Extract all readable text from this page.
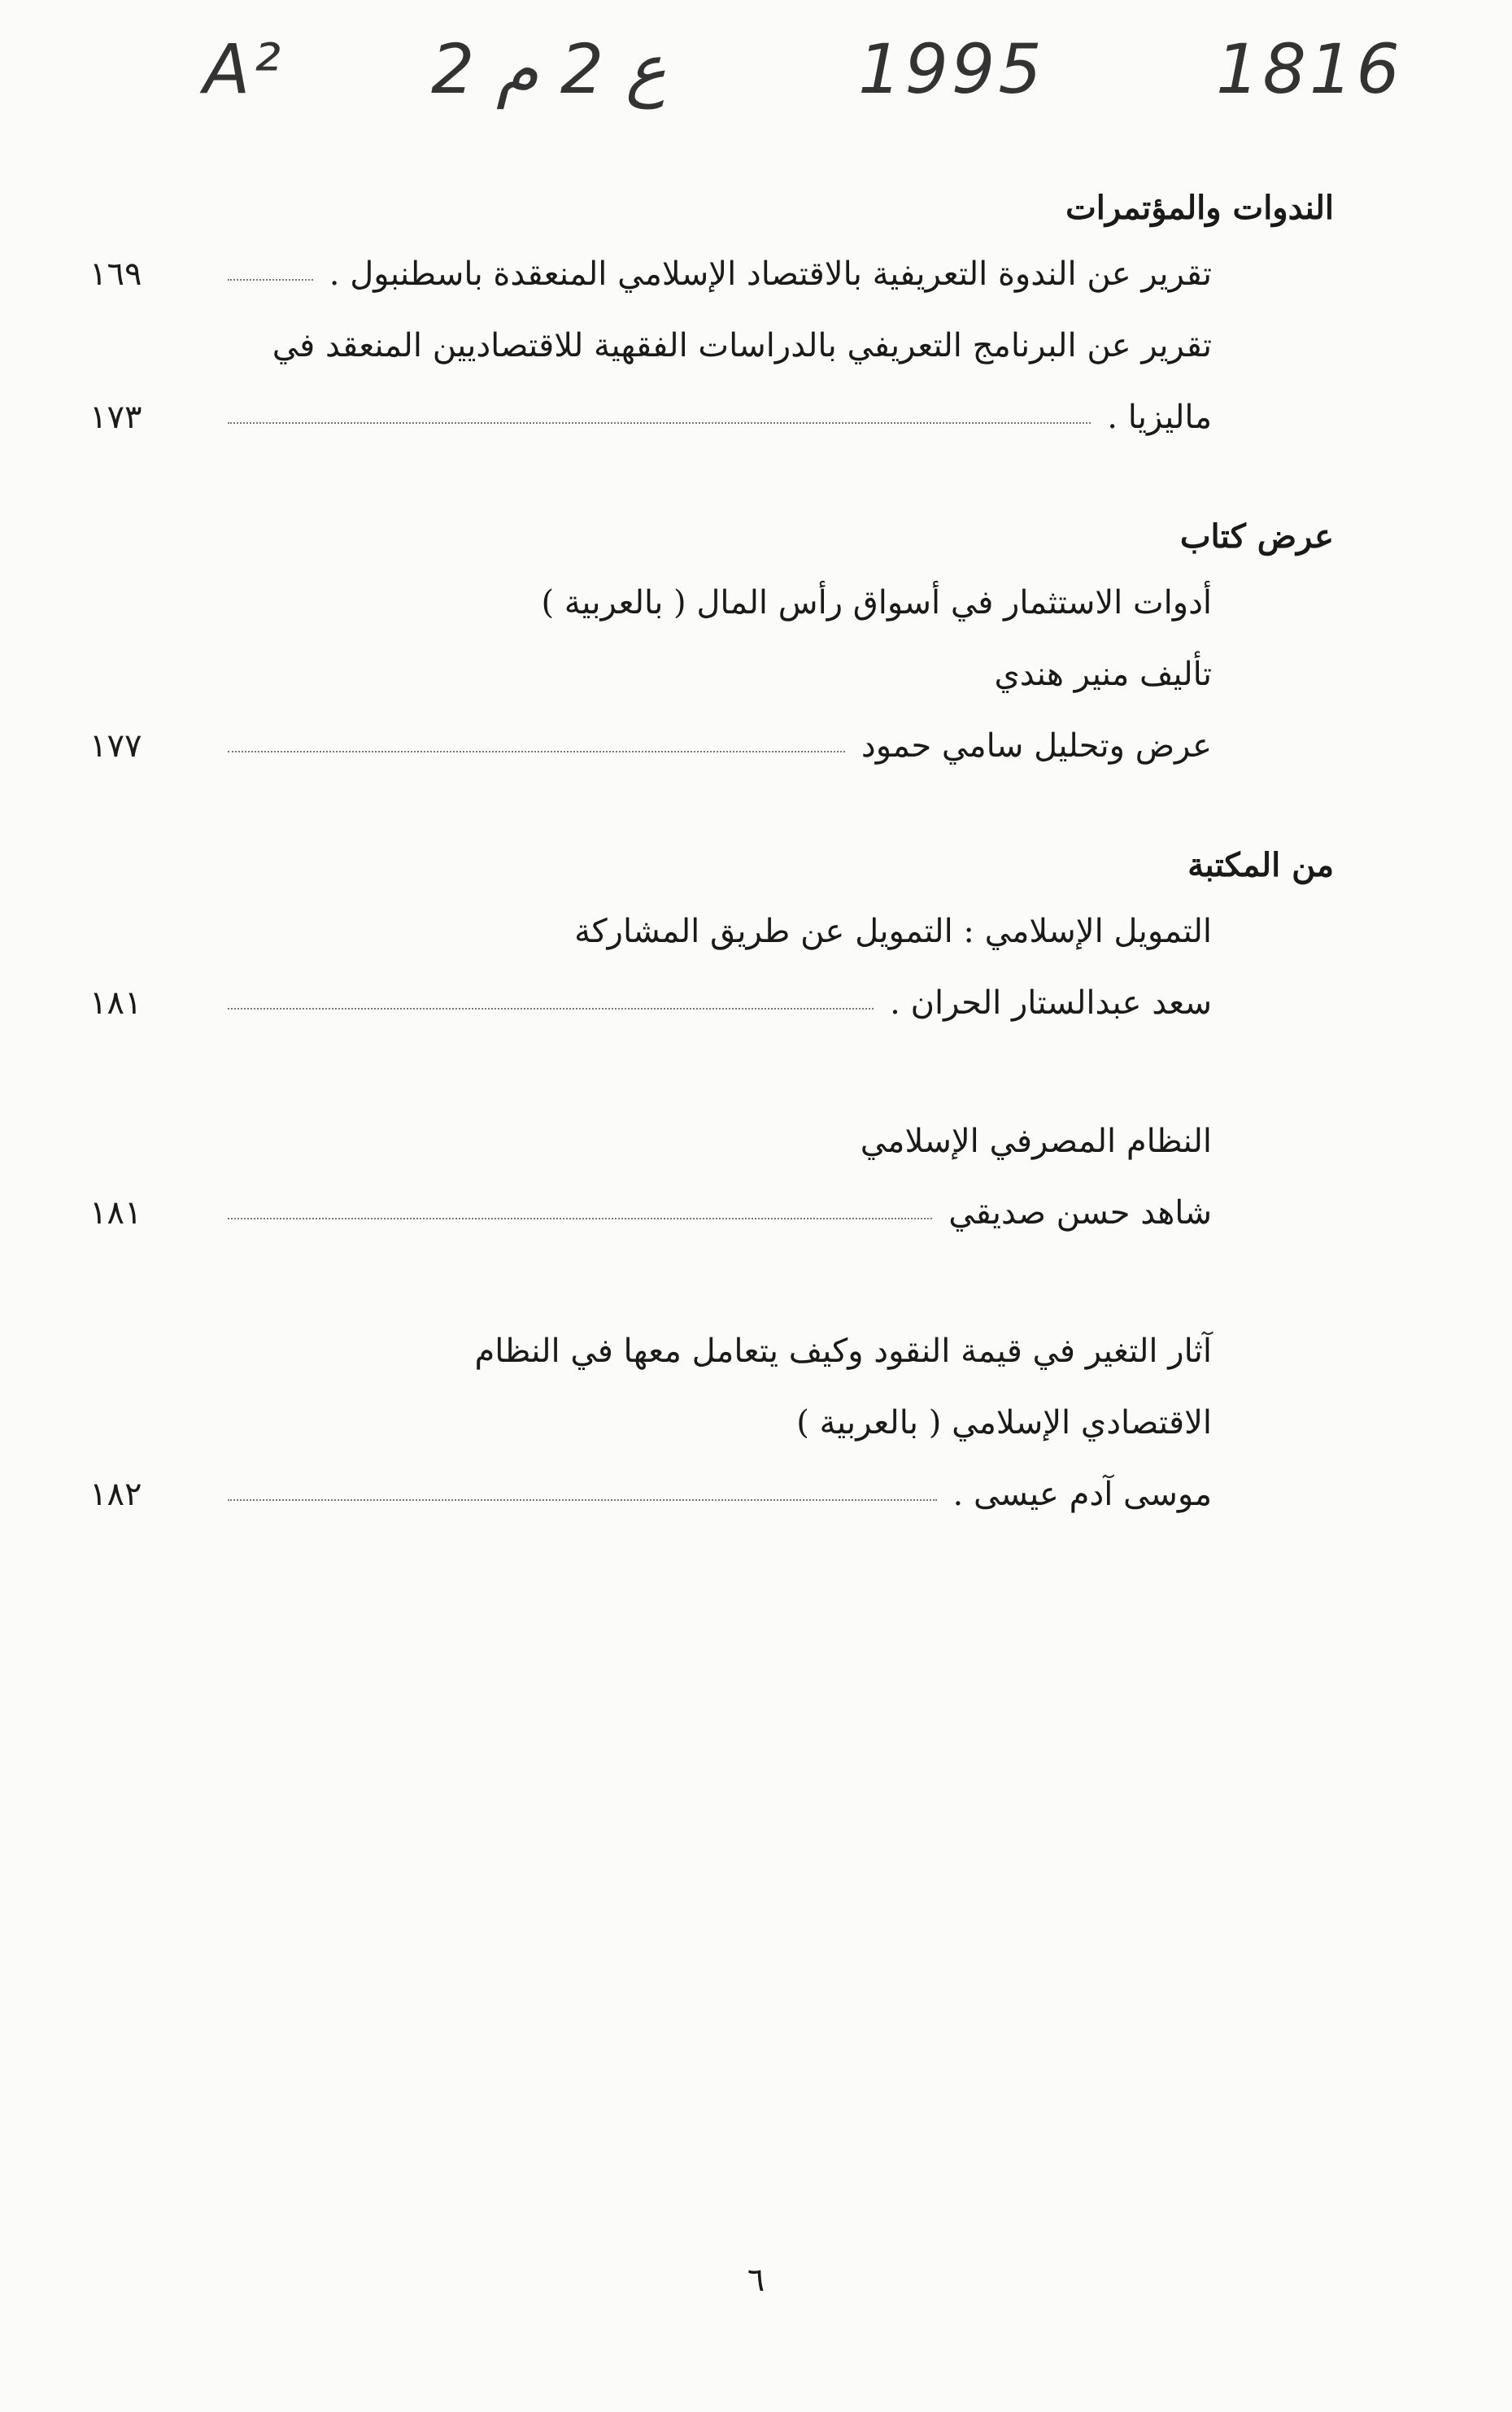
A² 2 ع 2 م	1995	1816
الندوات والمؤتمرات
تقرير عن الندوة التعريفية بالاقتصاد الإسلامي المنعقدة باسطنبول .
١٦٩
تقرير عن البرنامج التعريفي بالدراسات الفقهية للاقتصاديين المنعقد في
ماليزيا .
١٧٣
عرض كتاب
أدوات الاستثمار في أسواق رأس المال ( بالعربية )
تأليف منير هندي
عرض وتحليل سامي حمود
١٧٧
من المكتبة
التمويل الإسلامي : التمويل عن طريق المشاركة
سعد عبدالستار الحران .
١٨١
النظام المصرفي الإسلامي
شاهد حسن صديقي
١٨١
آثار التغير في قيمة النقود وكيف يتعامل معها في النظام
الاقتصادي الإسلامي ( بالعربية )
موسى آدم عيسى .
١٨٢
٦
